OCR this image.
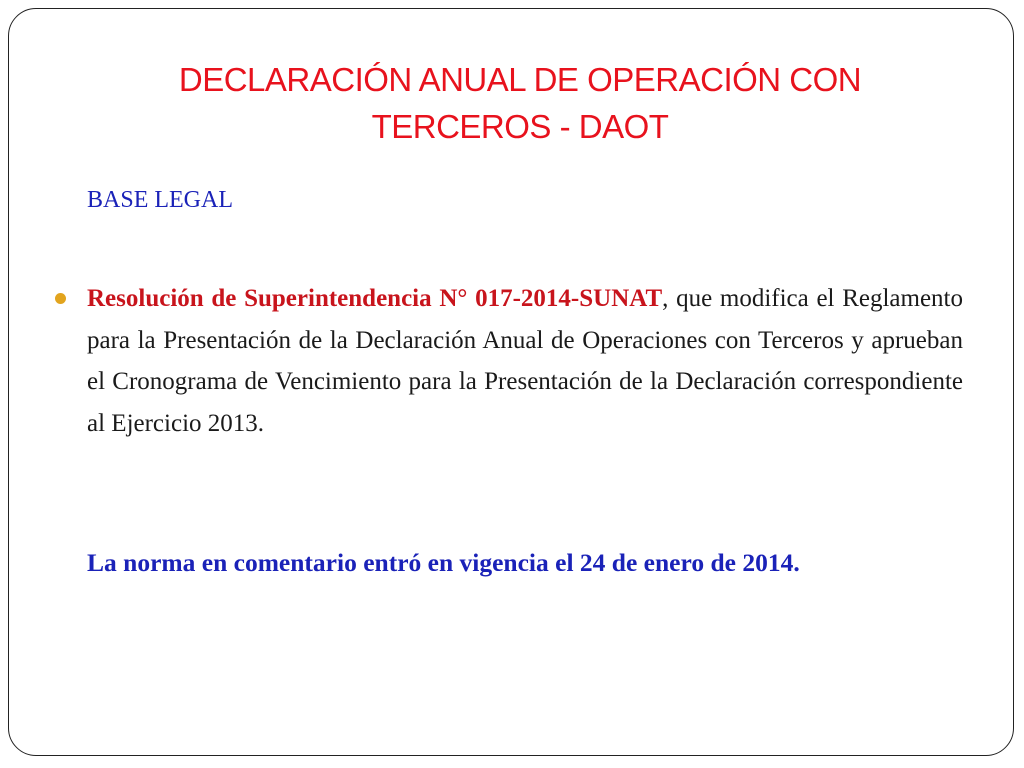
DECLARACIÓN ANUAL DE OPERACIÓN CON
TERCEROS - DAOT
BASE LEGAL
Resolución de Superintendencia N° 017-2014-SUNAT, que modifica el Reglamento para la Presentación de la Declaración Anual de Operaciones con Terceros y aprueban el Cronograma de Vencimiento para la Presentación de la Declaración correspondiente al Ejercicio 2013.
La norma en comentario entró en vigencia el 24 de enero de 2014.
